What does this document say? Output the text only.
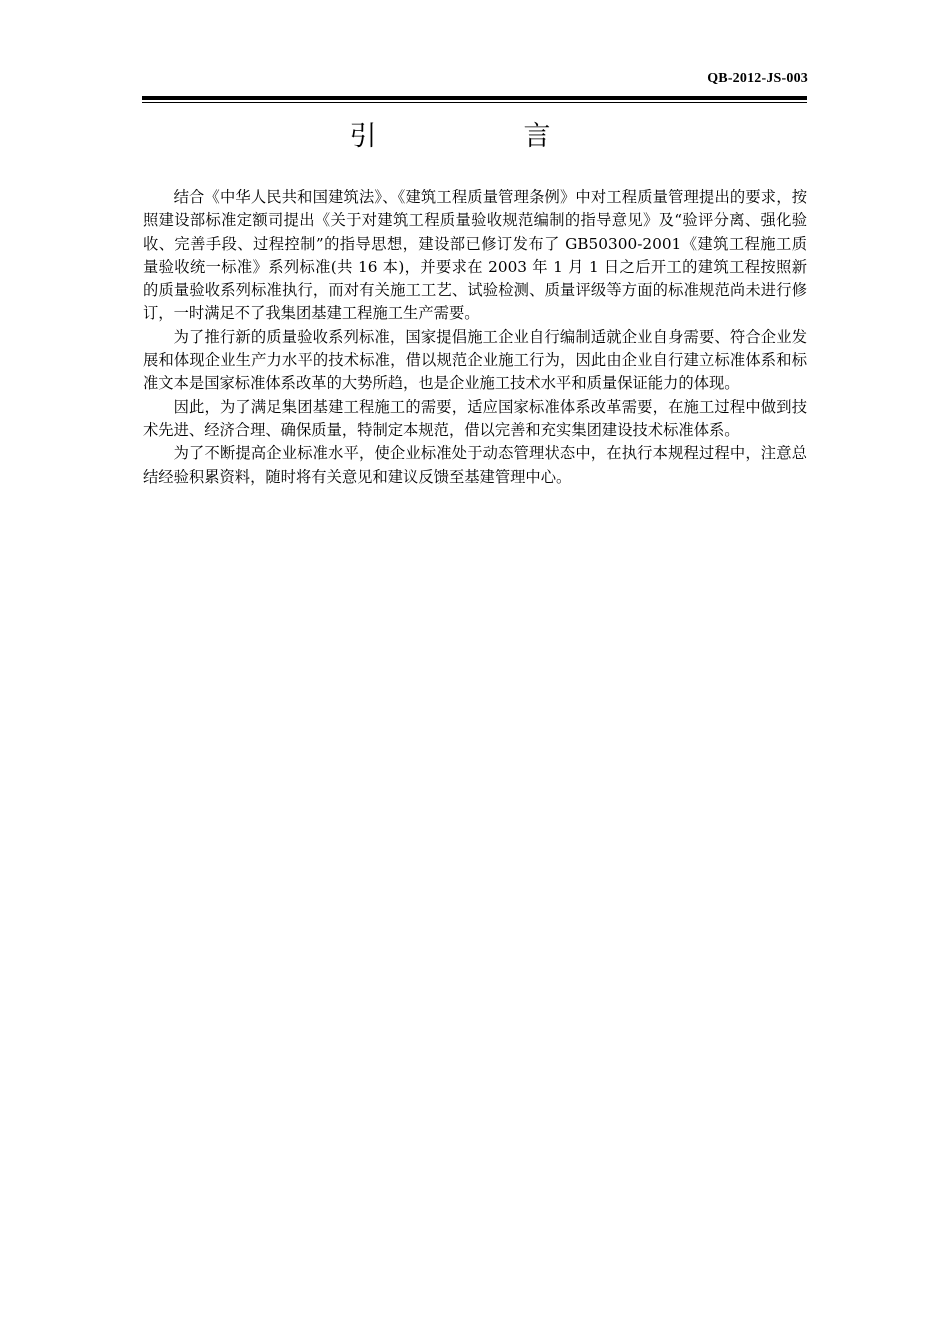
QB-2012-JS-003
引　言

结合《中华人民共和国建筑法》、《建筑工程质量管理条例》中对工程质量管理提出的要求，按照建设部标准定额司提出《关于对建筑工程质量验收规范编制的指导意见》及“验评分离、强化验收、完善手段、过程控制”的指导思想，建设部已修订发布了 GB50300-2001《建筑工程施工质量验收统一标准》系列标准(共 16 本)，并要求在 2003 年 1 月 1 日之后开工的建筑工程按照新的质量验收系列标准执行，而对有关施工工艺、试验检测、质量评级等方面的标准规范尚未进行修订，一时满足不了我集团基建工程施工生产需要。

为了推行新的质量验收系列标准，国家提倡施工企业自行编制适就企业自身需要、符合企业发展和体现企业生产力水平的技术标准，借以规范企业施工行为，因此由企业自行建立标准体系和标准文本是国家标准体系改革的大势所趋，也是企业施工技术水平和质量保证能力的体现。

因此，为了满足集团基建工程施工的需要，适应国家标准体系改革需要，在施工过程中做到技术先进、经济合理、确保质量，特制定本规范，借以完善和充实集团建设技术标准体系。

为了不断提高企业标准水平，使企业标准处于动态管理状态中，在执行本规程过程中，注意总结经验积累资料，随时将有关意见和建议反馈至基建管理中心。
